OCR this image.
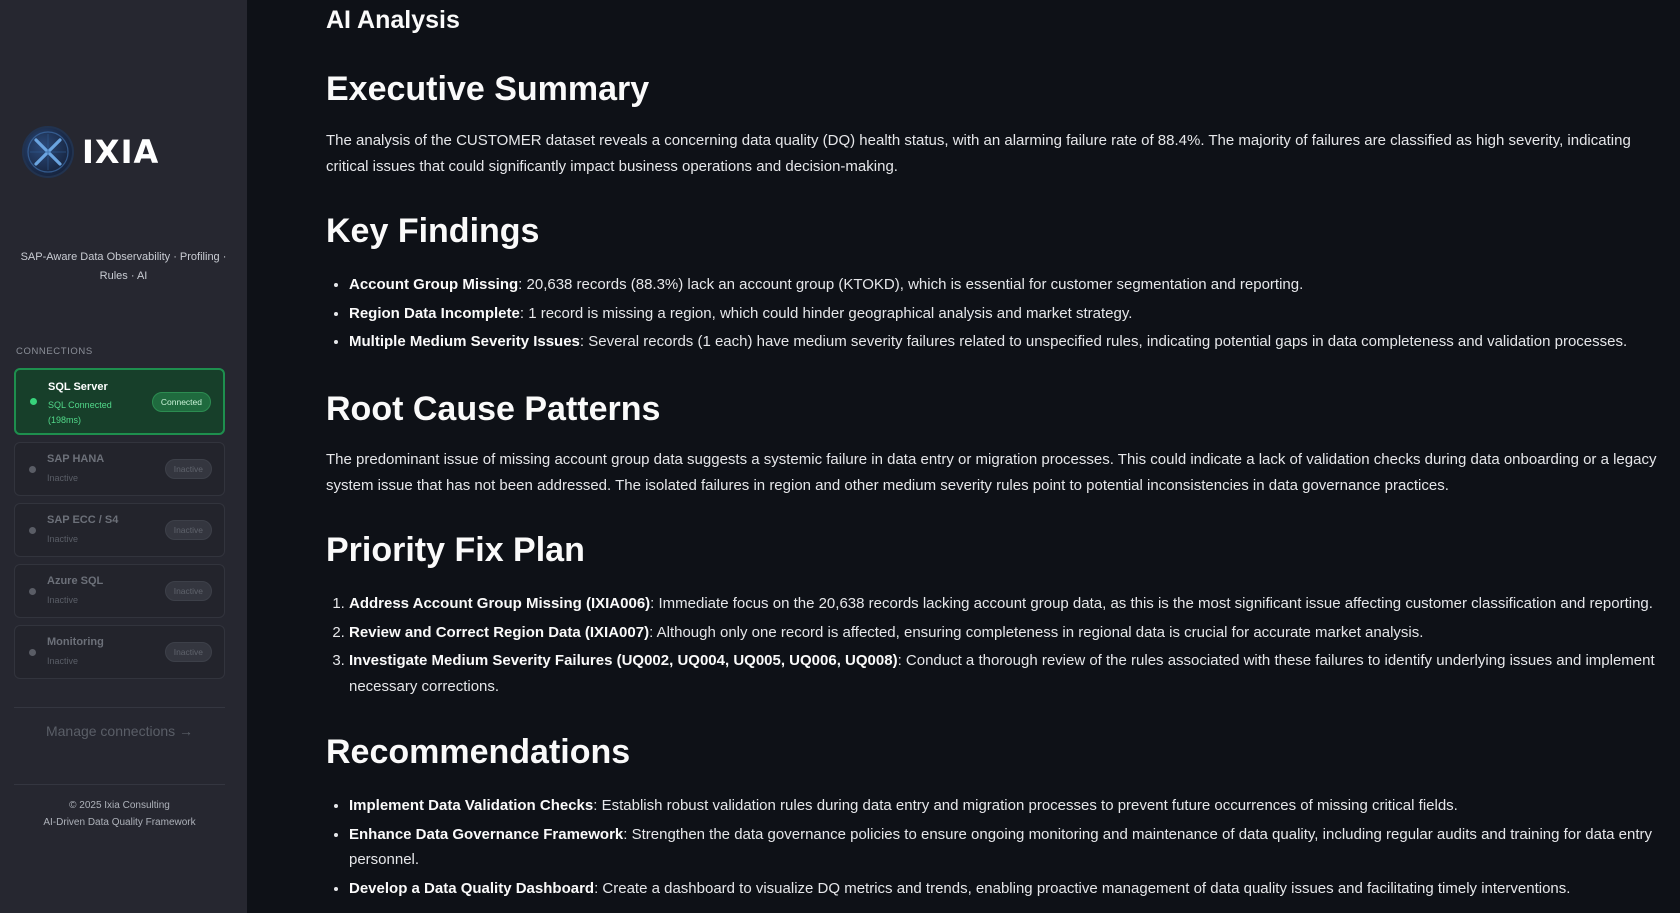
IXIA
SAP-Aware Data Observability · Profiling ·
Rules · AI
CONNECTIONS
SQL Server
SQL Connected
(198ms)
Connected
SAP HANA
Inactive
Inactive
SAP ECC / S4
Inactive
Inactive
Azure SQL
Inactive
Inactive
Monitoring
Inactive
Inactive
Manage connections →
© 2025 Ixia Consulting
AI-Driven Data Quality Framework
AI Analysis
Executive Summary

The analysis of the CUSTOMER dataset reveals a concerning data quality (DQ) health status, with an alarming failure rate of 88.4%. The majority of failures are classified as high severity, indicating critical issues that could significantly impact business operations and decision-making.

Key Findings
• Account Group Missing: 20,638 records (88.3%) lack an account group (KTOKD), which is essential for customer segmentation and reporting.
• Region Data Incomplete: 1 record is missing a region, which could hinder geographical analysis and market strategy.
• Multiple Medium Severity Issues: Several records (1 each) have medium severity failures related to unspecified rules, indicating potential gaps in data completeness and validation processes.
Root Cause Patterns

The predominant issue of missing account group data suggests a systemic failure in data entry or migration processes. This could indicate a lack of validation checks during data onboarding or a legacy system issue that has not been addressed. The isolated failures in region and other medium severity rules point to potential inconsistencies in data governance practices.

Priority Fix Plan
1. Address Account Group Missing (IXIA006): Immediate focus on the 20,638 records lacking account group data, as this is the most significant issue affecting customer classification and reporting.
2. Review and Correct Region Data (IXIA007): Although only one record is affected, ensuring completeness in regional data is crucial for accurate market analysis.
3. Investigate Medium Severity Failures (UQ002, UQ004, UQ005, UQ006, UQ008): Conduct a thorough review of the rules associated with these failures to identify underlying issues and implement necessary corrections.
Recommendations
• Implement Data Validation Checks: Establish robust validation rules during data entry and migration processes to prevent future occurrences of missing critical fields.
• Enhance Data Governance Framework: Strengthen the data governance policies to ensure ongoing monitoring and maintenance of data quality, including regular audits and training for data entry personnel.
• Develop a Data Quality Dashboard: Create a dashboard to visualize DQ metrics and trends, enabling proactive management of data quality issues and facilitating timely interventions.
